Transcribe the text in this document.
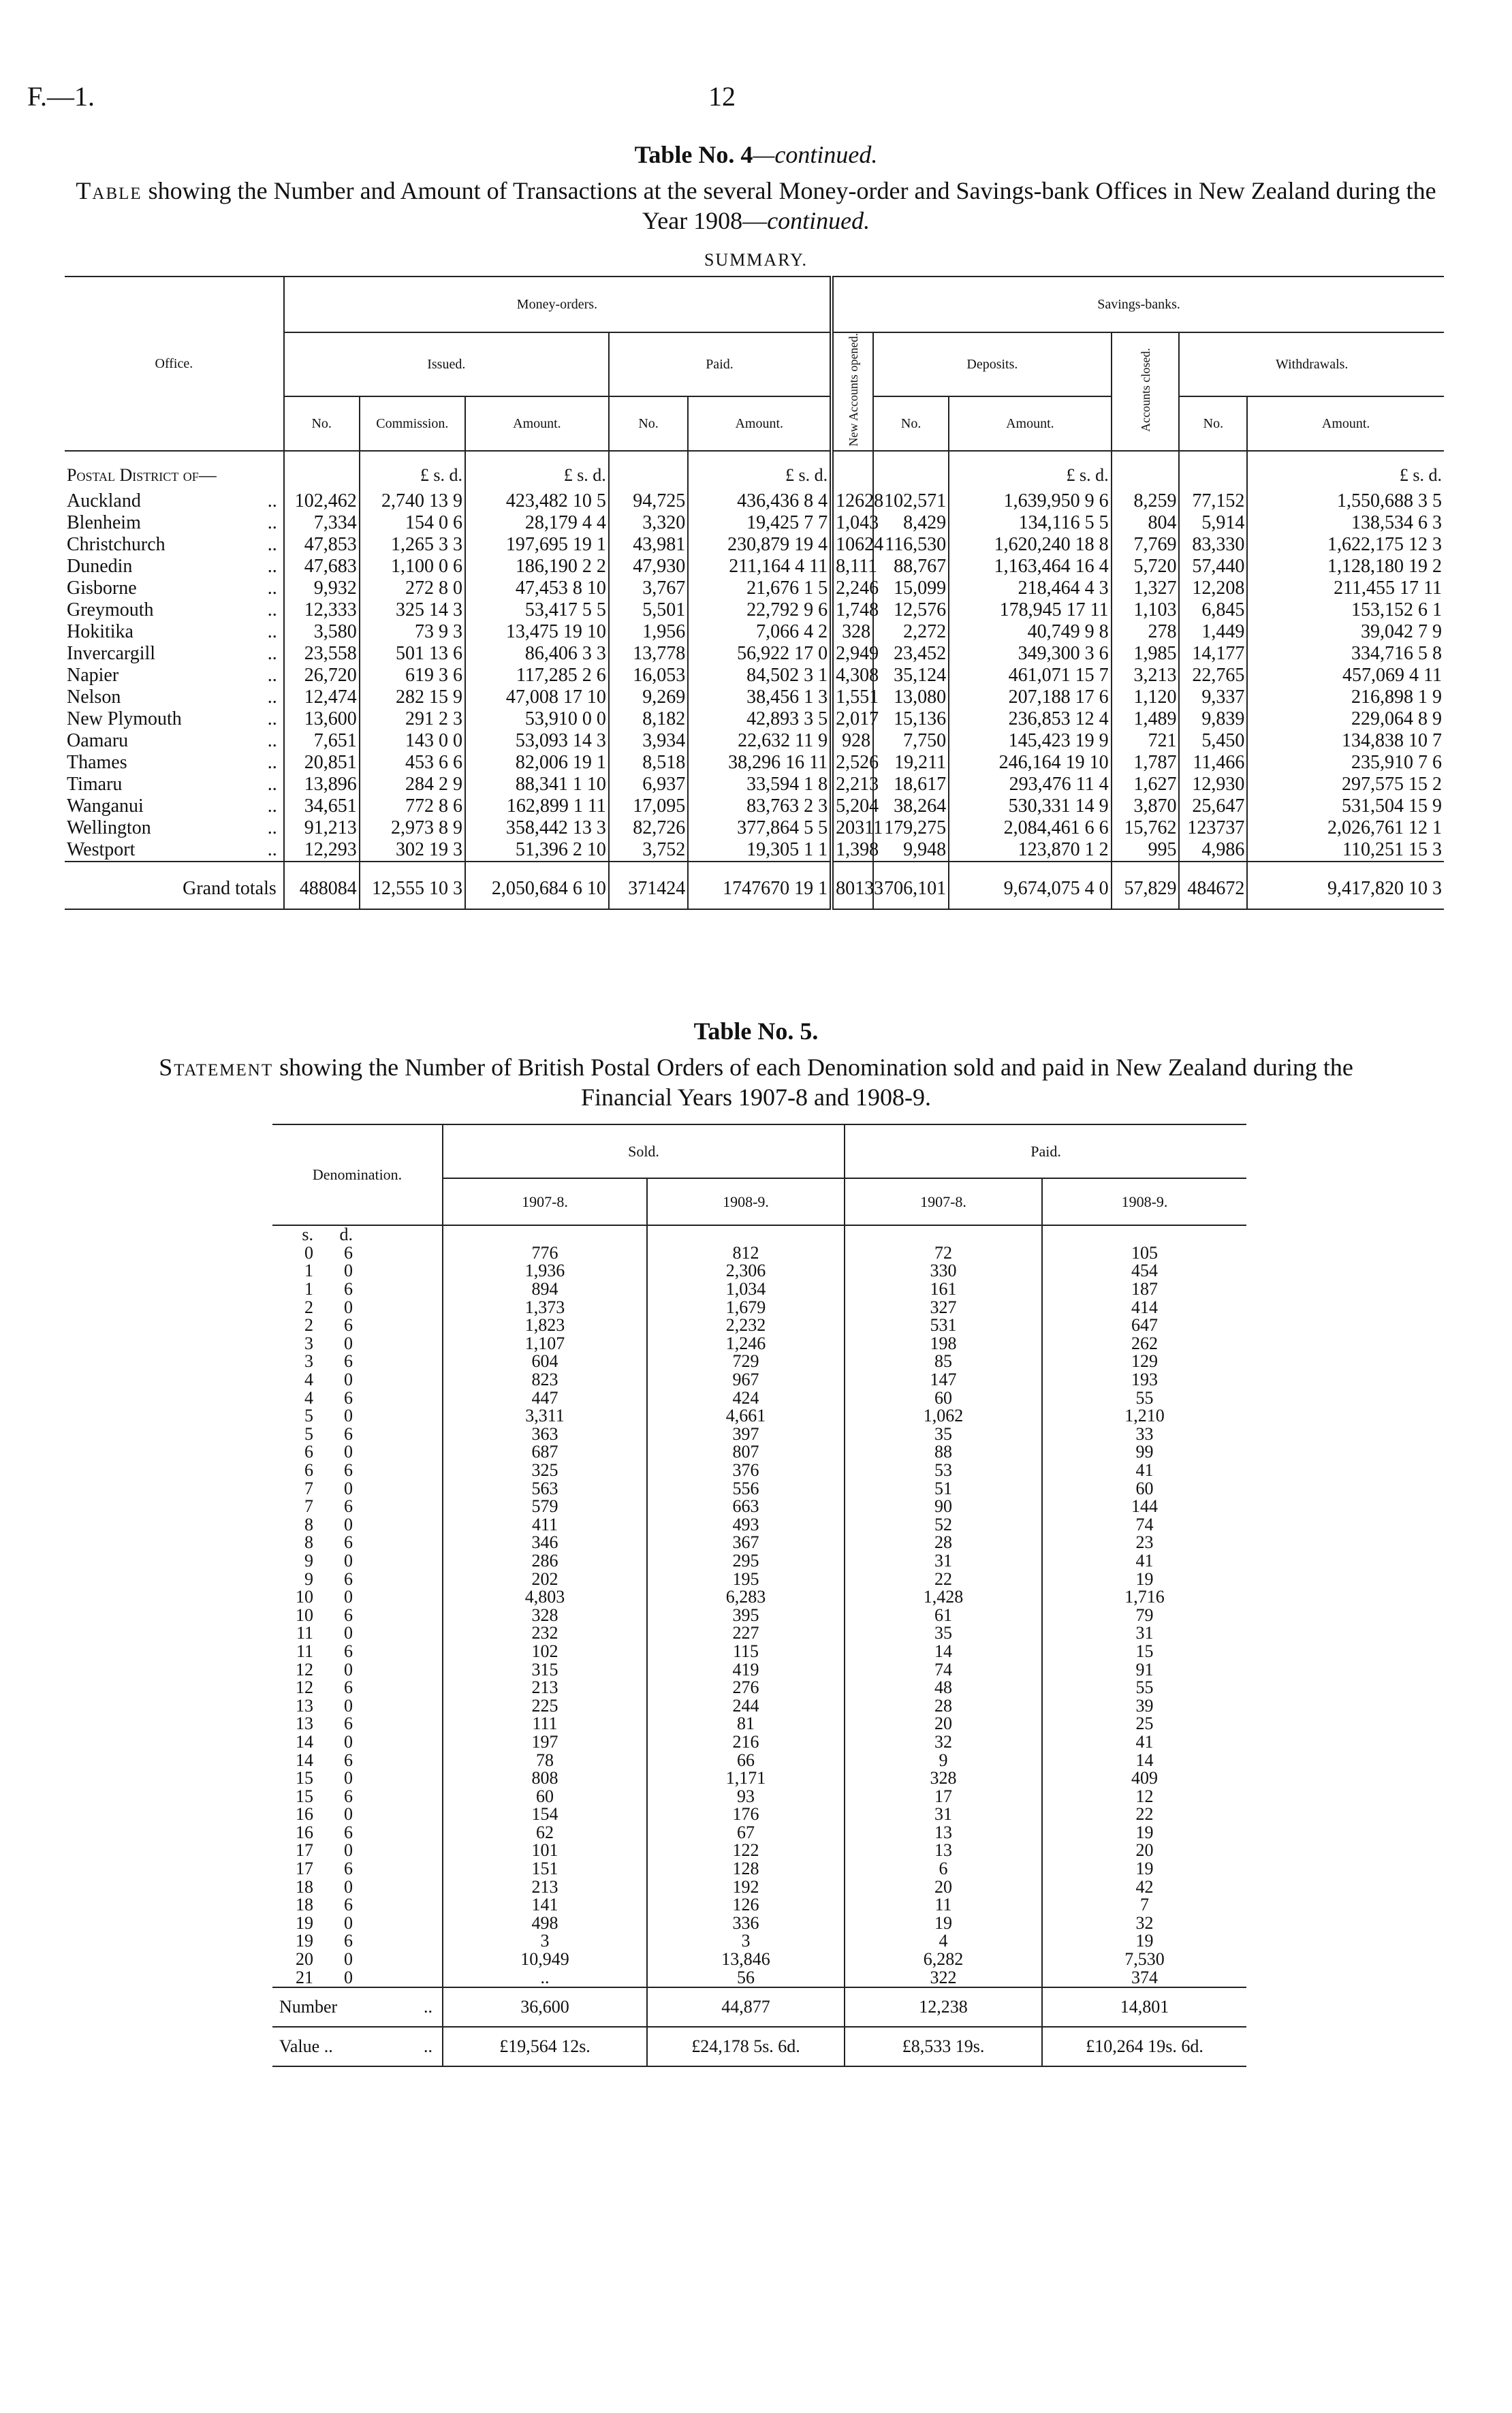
F.—1.	12
Table No. 4—continued.
Table showing the Number and Amount of Transactions at the several Money-order and Savings-bank Offices in New Zealand during the Year 1908—continued.
SUMMARY.
Office.	Money-orders.					Savings-banks.					
	Issued.			Paid.		New Accounts opened.	Deposits.		Accounts closed.	Withdrawals.	
	No.	Commission.	Amount.	No.	Amount.		No.	Amount.		No.	Amount.
Postal District of—		£ s. d.	£ s. d.		£ s. d.			£ s. d.			£ s. d.

..
Auckland	102,462	2,740 13 9	423,482 10 5	94,725	436,436 8 4	12628	102,571	1,639,950 9 6	8,259	77,152	1,550,688 3 5

..
Blenheim	7,334	154 0 6	28,179 4 4	3,320	19,425 7 7	1,043	8,429	134,116 5 5	804	5,914	138,534 6 3

..
Christchurch	47,853	1,265 3 3	197,695 19 1	43,981	230,879 19 4	10624	116,530	1,620,240 18 8	7,769	83,330	1,622,175 12 3

..
Dunedin	47,683	1,100 0 6	186,190 2 2	47,930	211,164 4 11	8,111	88,767	1,163,464 16 4	5,720	57,440	1,128,180 19 2

..
Gisborne	9,932	272 8 0	47,453 8 10	3,767	21,676 1 5	2,246	15,099	218,464 4 3	1,327	12,208	211,455 17 11

..
Greymouth	12,333	325 14 3	53,417 5 5	5,501	22,792 9 6	1,748	12,576	178,945 17 11	1,103	6,845	153,152 6 1

..
Hokitika	3,580	73 9 3	13,475 19 10	1,956	7,066 4 2	328	2,272	40,749 9 8	278	1,449	39,042 7 9

..
Invercargill	23,558	501 13 6	86,406 3 3	13,778	56,922 17 0	2,949	23,452	349,300 3 6	1,985	14,177	334,716 5 8

..
Napier	26,720	619 3 6	117,285 2 6	16,053	84,502 3 1	4,308	35,124	461,071 15 7	3,213	22,765	457,069 4 11

..
Nelson	12,474	282 15 9	47,008 17 10	9,269	38,456 1 3	1,551	13,080	207,188 17 6	1,120	9,337	216,898 1 9

..
New Plymouth	13,600	291 2 3	53,910 0 0	8,182	42,893 3 5	2,017	15,136	236,853 12 4	1,489	9,839	229,064 8 9

..
Oamaru	7,651	143 0 0	53,093 14 3	3,934	22,632 11 9	928	7,750	145,423 19 9	721	5,450	134,838 10 7

..
Thames	20,851	453 6 6	82,006 19 1	8,518	38,296 16 11	2,526	19,211	246,164 19 10	1,787	11,466	235,910 7 6

..
Timaru	13,896	284 2 9	88,341 1 10	6,937	33,594 1 8	2,213	18,617	293,476 11 4	1,627	12,930	297,575 15 2

..
Wanganui	34,651	772 8 6	162,899 1 11	17,095	83,763 2 3	5,204	38,264	530,331 14 9	3,870	25,647	531,504 15 9

..
Wellington	91,213	2,973 8 9	358,442 13 3	82,726	377,864 5 5	20311	179,275	2,084,461 6 6	15,762	123737	2,026,761 12 1

..
Westport	12,293	302 19 3	51,396 2 10	3,752	19,305 1 1	1,398	9,948	123,870 1 2	995	4,986	110,251 15 3
Grand totals	488084	12,555 10 3	2,050,684 6 10	371424	1747670 19 1	80133	706,101	9,674,075 4 0	57,829	484672	9,417,820 10 3
Table No. 5.
Statement showing the Number of British Postal Orders of each Denomination sold and paid in New Zealand during the Financial Years 1907-8 and 1908-9.
Denomination.	Sold.		Paid.	
	1907-8.	1908-9.	1907-8.	1908-9.
s. d.				
0 6	776	812	72	105
1 0	1,936	2,306	330	454
1 6	894	1,034	161	187
2 0	1,373	1,679	327	414
2 6	1,823	2,232	531	647
3 0	1,107	1,246	198	262
3 6	604	729	85	129
4 0	823	967	147	193
4 6	447	424	60	55
5 0	3,311	4,661	1,062	1,210
5 6	363	397	35	33
6 0	687	807	88	99
6 6	325	376	53	41
7 0	563	556	51	60
7 6	579	663	90	144
8 0	411	493	52	74
8 6	346	367	28	23
9 0	286	295	31	41
9 6	202	195	22	19
10 0	4,803	6,283	1,428	1,716
10 6	328	395	61	79
11 0	232	227	35	31
11 6	102	115	14	15
12 0	315	419	74	91
12 6	213	276	48	55
13 0	225	244	28	39
13 6	111	81	20	25
14 0	197	216	32	41
14 6	78	66	9	14
15 0	808	1,171	328	409
15 6	60	93	17	12
16 0	154	176	31	22
16 6	62	67	13	19
17 0	101	122	13	20
17 6	151	128	6	19
18 0	213	192	20	42
18 6	141	126	11	7
19 0	498	336	19	32
19 6	3	3	4	19
20 0	10,949	13,846	6,282	7,530
21 0	..	56	322	374
Number ..	36,600	44,877	12,238	14,801
Value .. ..	£19,564 12s.	£24,178 5s. 6d.	£8,533 19s.	£10,264 19s. 6d.
